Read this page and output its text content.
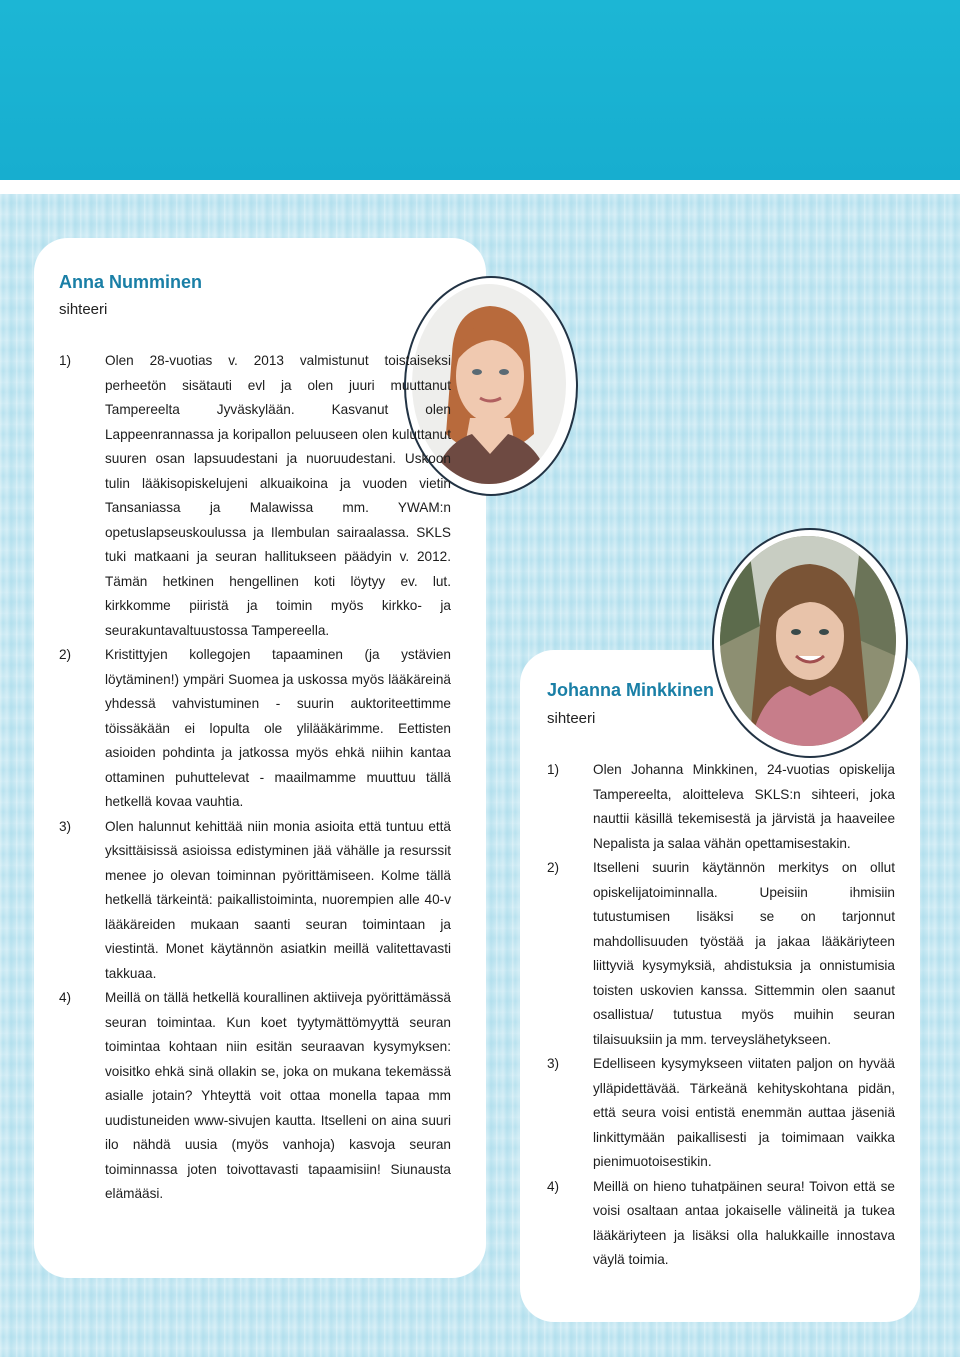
Anna Numminen
sihteeri
1) Olen 28-vuotias v. 2013 valmistunut toistaiseksi perheetön sisätauti evl ja olen juuri muuttanut Tampereelta Jyväskylään. Kasvanut olen Lappeenrannassa ja koripallon peluuseen olen kuluttanut suuren osan lapsuudestani ja nuoruudestani. Uskoon tulin lääkisopiskelujeni alkuaikoina ja vuoden vietin Tansaniassa ja Malawissa mm. YWAM:n opetuslapseuskoulussa ja Ilembulan sairaalassa. SKLS tuki matkaani ja seuran hallitukseen päädyin v. 2012. Tämän hetkinen hengellinen koti löytyy ev. lut. kirkkomme piiristä ja toimin myös kirkko- ja seurakuntavaltuustossa Tampereella.
2) Kristittyjen kollegojen tapaaminen (ja ystävien löytäminen!) ympäri Suomea ja uskossa myös lääkäreinä yhdessä vahvistuminen - suurin auktoriteettimme töissäkään ei lopulta ole ylilääkärimme. Eettisten asioiden pohdinta ja jatkossa myös ehkä niihin kantaa ottaminen puhuttelevat - maailmamme muuttuu tällä hetkellä kovaa vauhtia.
3) Olen halunnut kehittää niin monia asioita että tuntuu että yksittäisissä asioissa edistyminen jää vähälle ja resurssit menee jo olevan toiminnan pyörittämiseen. Kolme tällä hetkellä tärkeintä: paikallistoiminta, nuorempien alle 40-v lääkäreiden mukaan saanti seuran toimintaan ja viestintä. Monet käytännön asiatkin meillä valitettavasti takkuaa.
4) Meillä on tällä hetkellä kourallinen aktiiveja pyörittämässä seuran toimintaa. Kun koet tyytymättömyyttä seuran toimintaa kohtaan niin esitän seuraavan kysymyksen: voisitko ehkä sinä ollakin se, joka on mukana tekemässä asialle jotain? Yhteyttä voit ottaa monella tapaa mm uudistuneiden www-sivujen kautta. Itselleni on aina suuri ilo nähdä uusia (myös vanhoja) kasvoja seuran toiminnassa joten toivottavasti tapaamisiin! Siunausta elämääsi.
Johanna Minkkinen
sihteeri
1) Olen Johanna Minkkinen, 24-vuotias opiskelija Tampereelta, aloitteleva SKLS:n sihteeri, joka nauttii käsillä tekemisestä ja järvistä ja haaveilee Nepalista ja salaa vähän opettamisestakin.
2) Itselleni suurin käytännön merkitys on ollut opiskelijatoiminnalla. Upeisiin ihmisiin tutustumisen lisäksi se on tarjonnut mahdollisuuden työstää ja jakaa lääkäriyteen liittyviä kysymyksiä, ahdistuksia ja onnistumisia toisten uskovien kanssa. Sittemmin olen saanut osallistua/ tutustua myös muihin seuran tilaisuuksiin ja mm. terveyslähetykseen.
3) Edelliseen kysymykseen viitaten paljon on hyvää ylläpidettävää. Tärkeänä kehityskohtana pidän, että seura voisi entistä enemmän auttaa jäseniä linkittymään paikallisesti ja toimimaan vaikka pienimuotoisestikin.
4) Meillä on hieno tuhatpäinen seura! Toivon että se voisi osaltaan antaa jokaiselle väline​itä ja tukea lääkäriyteen ja lisäksi olla halukkaille innostava väylä toimia.
